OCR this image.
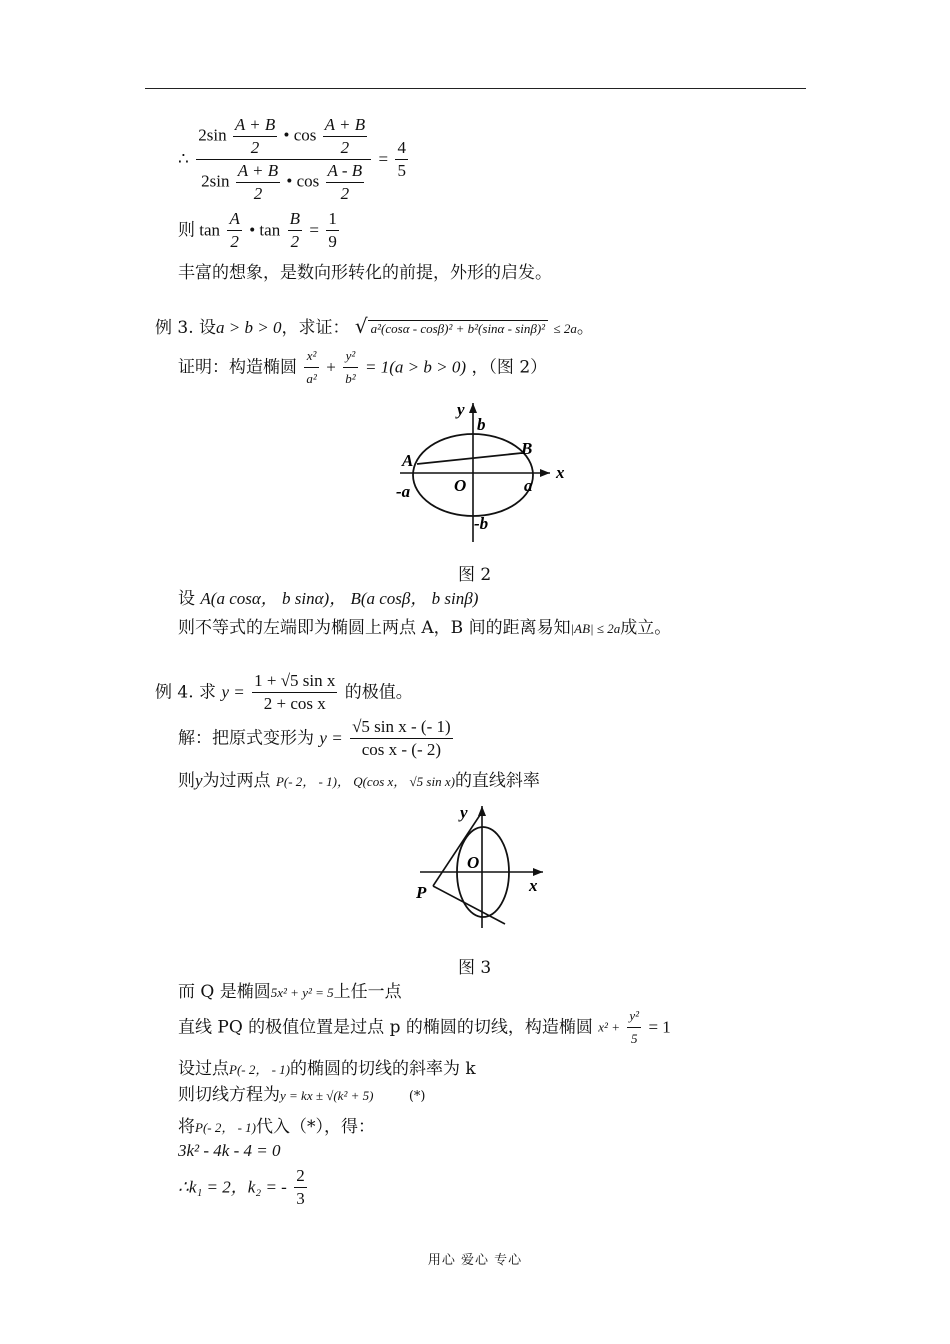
∴ $\frac{2\sin \frac{A + B}{2} • \cos \frac{A + B}{2}}{2\sin \frac{A + B}{2} • \cos \frac{A - B}{2}} = \frac{4}{5}$
则 $\tan \frac{A}{2}$ • $\tan \frac{B}{2} = \frac{1}{9}$
丰富的想象，是数向形转化的前提，外形的启发。
例 3. 设a > b > 0，求证： √ a²(cosα - cosβ)² + b²(sinα - sinβ)² ≤ 2a。
证明：构造椭圆 $\frac{\text{x²}}{\text{a²}} + \frac{\text{y²}}{\text{b²}} = 1(a > b > 0)$ ，（图 2）
y
x
b
-b
a
-a	O
A
B
图 2
设 A(a cosα， b sinα)， B(a cosβ， b sinβ)
则不等式的左端即为椭圆上两点 A，B 间的距离易知|AB| ≤ 2a成立。
例 4. 求 $y = \frac{\text{1 + √5 sin x}}{\text{2 + cos x}}$ 的极值。
解：把原式变形为 $y = \frac{\text{√5 sin x - (- 1)}}{\text{cos x - (- 2)}}$
则y为过两点 P(- 2， - 1)， Q(cos x， √5 sin x)的直线斜率
y
x
O
P
图 3
而 Q 是椭圆5x² + y² = 5上任一点
直线 PQ 的极值位置是过点 p 的椭圆的切线，构造椭圆 $x^2 + \frac{\text{y²}}{5} = 1$
设过点P(- 2， - 1)的椭圆的切线的斜率为 k
则切线方程为y = kx ± √(k² + 5)	(*)
将P(- 2， - 1)代入（*），得：
3k² - 4k - 4 = 0
∴k₁ = 2，k₂ = - $\frac{2}{3}$
用心 爱心 专心
